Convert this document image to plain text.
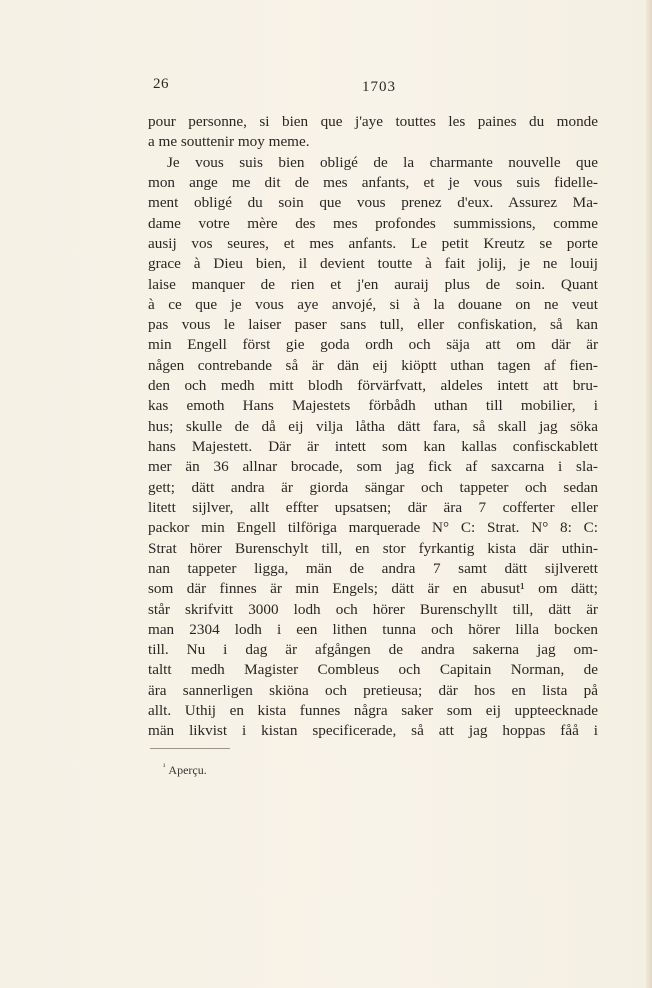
26	1703
pour personne, si bien que j'aye touttes les paines du monde
a me souttenir moy meme.
Je vous suis bien obligé de la charmante nouvelle que
mon ange me dit de mes anfants, et je vous suis fidelle-
ment obligé du soin que vous prenez d'eux. Assurez Ma-
dame votre mère des mes profondes summissions, comme
ausij vos seures, et mes anfants. Le petit Kreutz se porte
grace à Dieu bien, il devient toutte à fait jolij, je ne louij
laise manquer de rien et j'en auraij plus de soin. Quant
à ce que je vous aye anvojé, si à la douane on ne veut
pas vous le laiser paser sans tull, eller confiskation, så kan
min Engell först gie goda ordh och säja att om där är
någen contrebande så är dän eij kiöptt uthan tagen af fien-
den och medh mitt blodh förvärfvatt, aldeles intett att bru-
kas emoth Hans Majestets förbådh uthan till mobilier, i
hus; skulle de då eij vilja låtha dätt fara, så skall jag söka
hans Majestett. Där är intett som kan kallas confisckablett
mer än 36 allnar brocade, som jag fick af saxcarna i sla-
gett; dätt andra är giorda sängar och tappeter och sedan
litett sijlver, allt effter upsatsen; där ära 7 cofferter eller
packor min Engell tilföriga marquerade N° C: Strat. N° 8: C:
Strat hörer Burenschylt till, en stor fyrkantig kista där uthin-
nan tappeter ligga, män de andra 7 samt dätt sijlverett
som där finnes är min Engels; dätt är en abusut¹ om dätt;
står skrifvitt 3000 lodh och hörer Burenschyllt till, dätt är
man 2304 lodh i een lithen tunna och hörer lilla bocken
till. Nu i dag är afgången de andra sakerna jag om-
taltt medh Magister Combleus och Capitain Norman, de
ära sannerligen skiöna och pretieusa; där hos en lista på
allt. Uthij en kista funnes några saker som eij uppteecknade
män likvist i kistan specificerade, så att jag hoppas fåå i
$^{^1}$ Aperçu.
